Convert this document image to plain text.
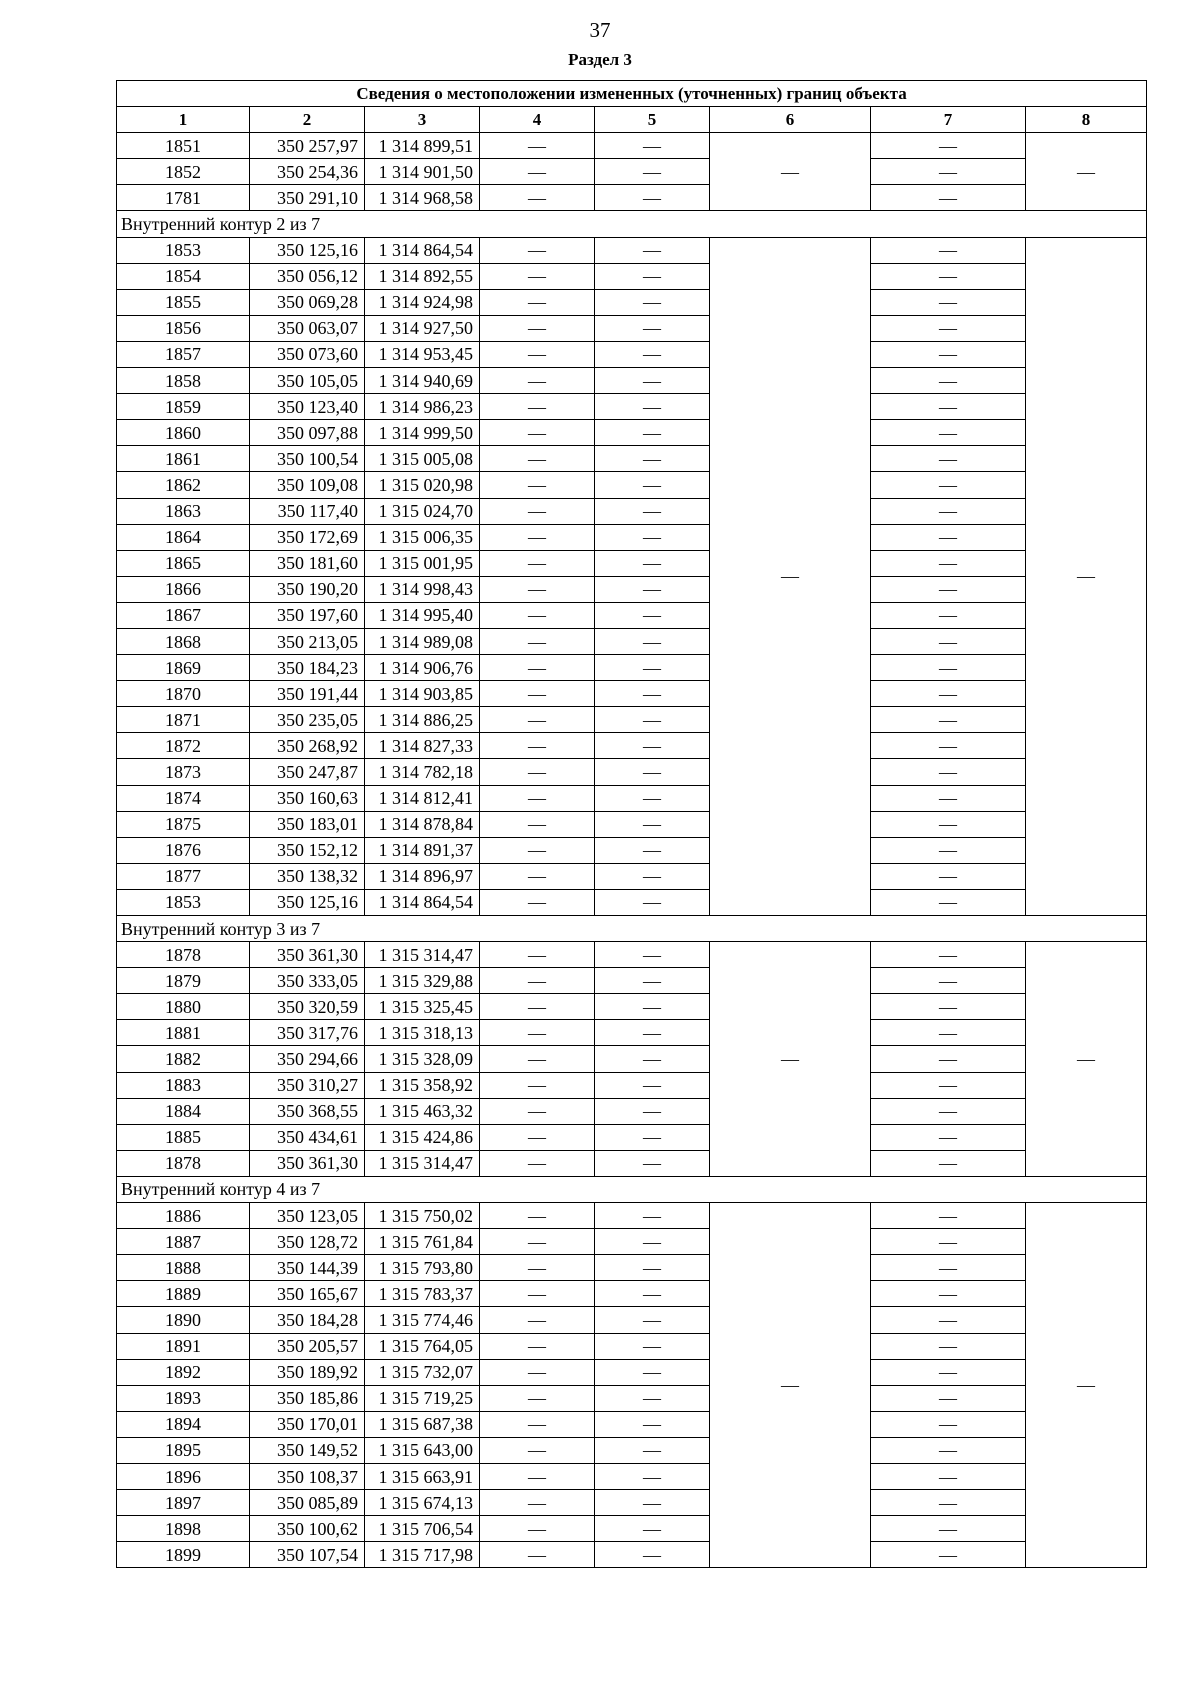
37
Раздел 3
Сведения о местоположении измененных (уточненных) границ объекта							
1	2	3	4	5	6	7	8
1851	350 257,97	1 314 899,51	—	—	—	—	—
1852	350 254,36	1 314 901,50	—	—		—	
1781	350 291,10	1 314 968,58	—	—		—	
Внутренний контур 2 из 7							
1853	350 125,16	1 314 864,54	—	—	—	—	—
1854	350 056,12	1 314 892,55	—	—		—	
1855	350 069,28	1 314 924,98	—	—		—	
1856	350 063,07	1 314 927,50	—	—		—	
1857	350 073,60	1 314 953,45	—	—		—	
1858	350 105,05	1 314 940,69	—	—		—	
1859	350 123,40	1 314 986,23	—	—		—	
1860	350 097,88	1 314 999,50	—	—		—	
1861	350 100,54	1 315 005,08	—	—		—	
1862	350 109,08	1 315 020,98	—	—		—	
1863	350 117,40	1 315 024,70	—	—		—	
1864	350 172,69	1 315 006,35	—	—		—	
1865	350 181,60	1 315 001,95	—	—		—	
1866	350 190,20	1 314 998,43	—	—		—	
1867	350 197,60	1 314 995,40	—	—		—	
1868	350 213,05	1 314 989,08	—	—		—	
1869	350 184,23	1 314 906,76	—	—		—	
1870	350 191,44	1 314 903,85	—	—		—	
1871	350 235,05	1 314 886,25	—	—		—	
1872	350 268,92	1 314 827,33	—	—		—	
1873	350 247,87	1 314 782,18	—	—		—	
1874	350 160,63	1 314 812,41	—	—		—	
1875	350 183,01	1 314 878,84	—	—		—	
1876	350 152,12	1 314 891,37	—	—		—	
1877	350 138,32	1 314 896,97	—	—		—	
1853	350 125,16	1 314 864,54	—	—		—	
Внутренний контур 3 из 7							
1878	350 361,30	1 315 314,47	—	—	—	—	—
1879	350 333,05	1 315 329,88	—	—		—	
1880	350 320,59	1 315 325,45	—	—		—	
1881	350 317,76	1 315 318,13	—	—		—	
1882	350 294,66	1 315 328,09	—	—		—	
1883	350 310,27	1 315 358,92	—	—		—	
1884	350 368,55	1 315 463,32	—	—		—	
1885	350 434,61	1 315 424,86	—	—		—	
1878	350 361,30	1 315 314,47	—	—		—	
Внутренний контур 4 из 7							
1886	350 123,05	1 315 750,02	—	—	—	—	—
1887	350 128,72	1 315 761,84	—	—		—	
1888	350 144,39	1 315 793,80	—	—		—	
1889	350 165,67	1 315 783,37	—	—		—	
1890	350 184,28	1 315 774,46	—	—		—	
1891	350 205,57	1 315 764,05	—	—		—	
1892	350 189,92	1 315 732,07	—	—		—	
1893	350 185,86	1 315 719,25	—	—		—	
1894	350 170,01	1 315 687,38	—	—		—	
1895	350 149,52	1 315 643,00	—	—		—	
1896	350 108,37	1 315 663,91	—	—		—	
1897	350 085,89	1 315 674,13	—	—		—	
1898	350 100,62	1 315 706,54	—	—		—	
1899	350 107,54	1 315 717,98	—	—		—	
